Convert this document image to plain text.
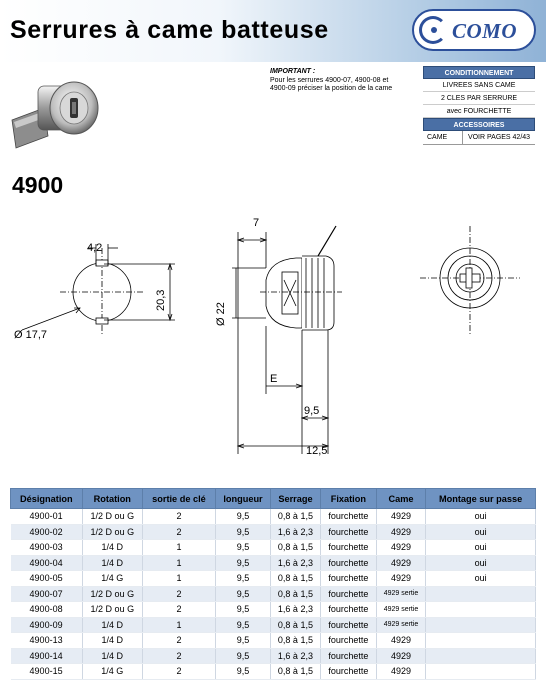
Serrures à came batteuse	COMO
IMPORTANT :
Pour les serrures 4900-07, 4900-08 et 4900-09 préciser la position de la came
CONDITIONNEMENT
LIVREES SANS CAME
2 CLES PAR SERRURE
avec FOURCHETTE
ACCESSOIRES
CAME	VOIR PAGES 42/43
4900
4,2
20,3
Ø 17,7
7
Ø 22
E
9,5
12,5
Désignation	Rotation	sortie de clé	longueur	Serrage	Fixation	Came	Montage sur passe
4900-01	1/2 D ou G	2	9,5	0,8 à 1,5	fourchette	4929	oui
4900-02	1/2 D ou G	2	9,5	1,6 à 2,3	fourchette	4929	oui
4900-03	1/4 D	1	9,5	0,8 à 1,5	fourchette	4929	oui
4900-04	1/4 D	1	9,5	1,6 à 2,3	fourchette	4929	oui
4900-05	1/4 G	1	9,5	0,8 à 1,5	fourchette	4929	oui
4900-07	1/2 D ou G	2	9,5	0,8 à 1,5	fourchette	4929 sertie	
4900-08	1/2 D ou G	2	9,5	1,6 à 2,3	fourchette	4929 sertie	
4900-09	1/4 D	1	9,5	0,8 à 1,5	fourchette	4929 sertie	
4900-13	1/4 D	2	9,5	0,8 à 1,5	fourchette	4929	
4900-14	1/4 D	2	9,5	1,6 à 2,3	fourchette	4929	
4900-15	1/4 G	2	9,5	0,8 à 1,5	fourchette	4929	
